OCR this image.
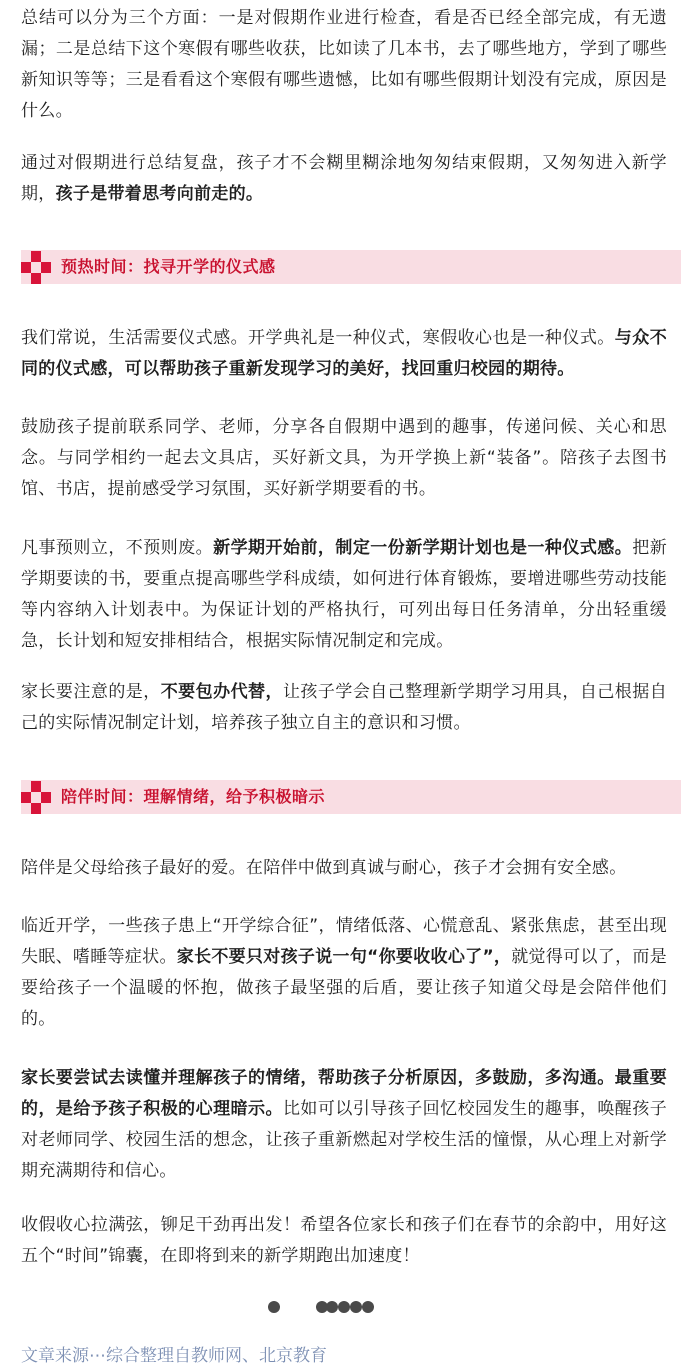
总结可以分为三个方面：一是对假期作业进行检查，看是否已经全部完成，有无遗漏；二是总结下这个寒假有哪些收获，比如读了几本书，去了哪些地方，学到了哪些新知识等等；三是看看这个寒假有哪些遗憾，比如有哪些假期计划没有完成，原因是什么。

通过对假期进行总结复盘，孩子才不会糊里糊涂地匆匆结束假期，又匆匆进入新学期，孩子是带着思考向前走的。

我们常说，生活需要仪式感。开学典礼是一种仪式，寒假收心也是一种仪式。与众不同的仪式感，可以帮助孩子重新发现学习的美好，找回重归校园的期待。

鼓励孩子提前联系同学、老师，分享各自假期中遇到的趣事，传递问候、关心和思念。与同学相约一起去文具店，买好新文具，为开学换上新“装备”。陪孩子去图书馆、书店，提前感受学习氛围，买好新学期要看的书。

凡事预则立，不预则废。新学期开始前，制定一份新学期计划也是一种仪式感。把新学期要读的书，要重点提高哪些学科成绩，如何进行体育锻炼，要增进哪些劳动技能等内容纳入计划表中。为保证计划的严格执行，可列出每日任务清单，分出轻重缓急，长计划和短安排相结合，根据实际情况制定和完成。

家长要注意的是，不要包办代替，让孩子学会自己整理新学期学习用具，自己根据自己的实际情况制定计划，培养孩子独立自主的意识和习惯。

陪伴是父母给孩子最好的爱。在陪伴中做到真诚与耐心，孩子才会拥有安全感。

临近开学，一些孩子患上“开学综合征”，情绪低落、心慌意乱、紧张焦虑，甚至出现失眠、嗜睡等症状。家长不要只对孩子说一句“你要收收心了”，就觉得可以了，而是要给孩子一个温暖的怀抱，做孩子最坚强的后盾，要让孩子知道父母是会陪伴他们的。

家长要尝试去读懂并理解孩子的情绪，帮助孩子分析原因，多鼓励，多沟通。最重要的，是给予孩子积极的心理暗示。比如可以引导孩子回忆校园发生的趣事，唤醒孩子对老师同学、校园生活的想念，让孩子重新燃起对学校生活的憧憬，从心理上对新学期充满期待和信心。

收假收心拉满弦，铆足干劲再出发！希望各位家长和孩子们在春节的余韵中，用好这五个“时间”锦囊，在即将到来的新学期跑出加速度！

预热时间：找寻开学的仪式感
陪伴时间：理解情绪，给予积极暗示
文章来源⋯综合整理自教师网、北京教育
